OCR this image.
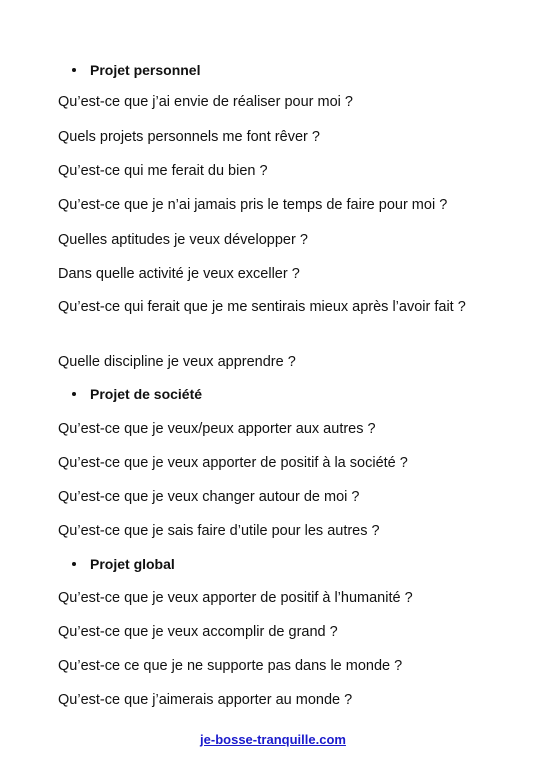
Projet personnel
Qu’est-ce que j’ai envie de réaliser pour moi ?
Quels projets personnels me font rêver ?
Qu’est-ce qui me ferait du bien ?
Qu’est-ce que je n’ai jamais pris le temps de faire pour moi ?
Quelles aptitudes je veux développer ?
Dans quelle activité je veux exceller ?
Qu’est-ce qui ferait que je me sentirais mieux après l’avoir fait ?
Quelle discipline je veux apprendre ?
Projet de société
Qu’est-ce que je veux/peux apporter aux autres ?
Qu’est-ce que je veux apporter de positif à la société ?
Qu’est-ce que je veux changer autour de moi ?
Qu’est-ce que je sais faire d’utile pour les autres ?
Projet global
Qu’est-ce que je veux apporter de positif à l’humanité ?
Qu’est-ce que je veux accomplir de grand ?
Qu’est-ce ce que je ne supporte pas dans le monde ?
Qu’est-ce que j’aimerais apporter au monde ?
je-bosse-tranquille.com
